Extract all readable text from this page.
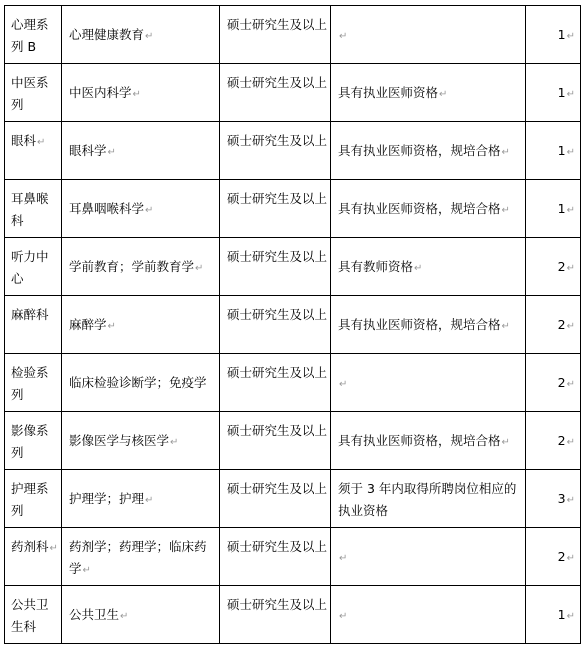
心理系列 B	心理健康教育↵	硕士研究生及以上	↵	1↵
中医系列	中医内科学↵	硕士研究生及以上	具有执业医师资格↵	1↵
眼科↵	眼科学↵	硕士研究生及以上	具有执业医师资格，规培合格↵	1↵
耳鼻喉科	耳鼻咽喉科学↵	硕士研究生及以上	具有执业医师资格，规培合格↵	1↵
听力中心	学前教育；学前教育学↵	硕士研究生及以上	具有教师资格↵	2↵
麻醉科	麻醉学↵	硕士研究生及以上	具有执业医师资格，规培合格↵	2↵
检验系列	临床检验诊断学；免疫学	硕士研究生及以上	↵	2↵
影像系列	影像医学与核医学↵	硕士研究生及以上	具有执业医师资格，规培合格↵	2↵
护理系列	护理学；护理↵	硕士研究生及以上	须于 3 年内取得所聘岗位相应的执业资格	3↵
药剂科↵	药剂学；药理学；临床药学↵	硕士研究生及以上	↵	2↵
公共卫生科	公共卫生↵	硕士研究生及以上	↵	1↵
